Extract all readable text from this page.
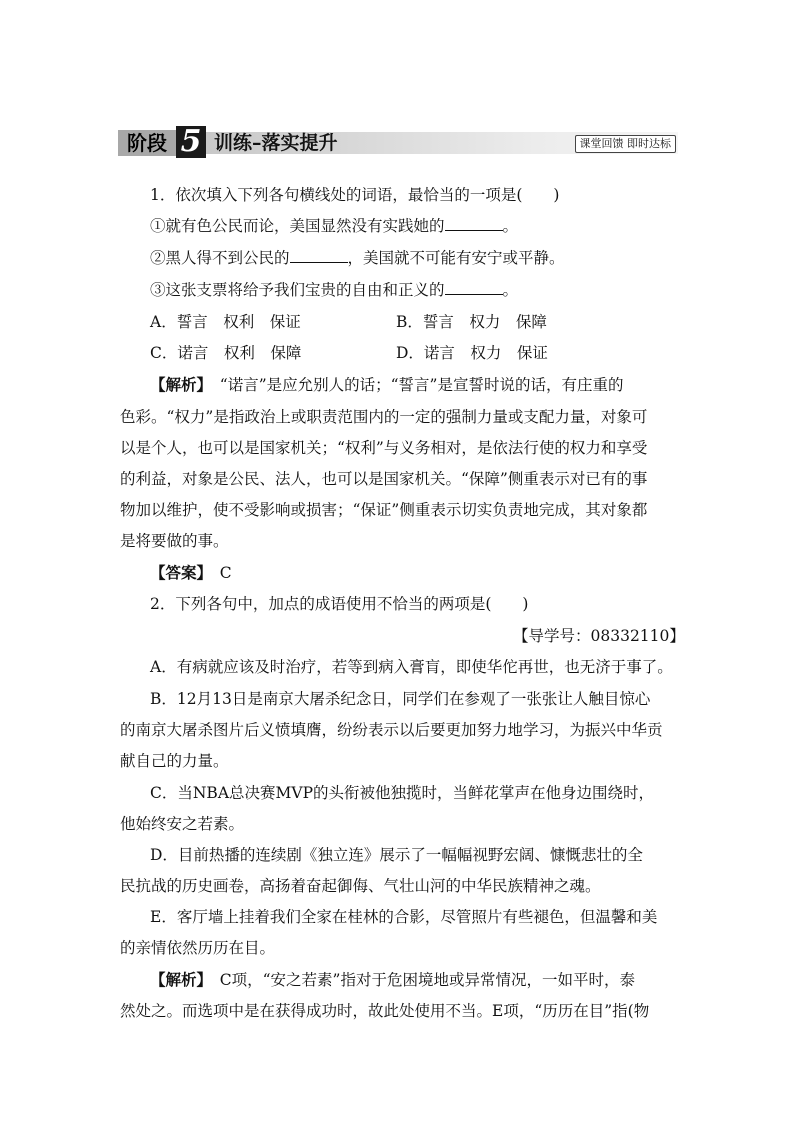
阶段 5 训练–落实提升	课堂回馈 即时达标
1．依次填入下列各句横线处的词语，最恰当的一项是(　　)
①就有色公民而论，美国显然没有实践她的	。
②黑人得不到公民的	，美国就不可能有安宁或平静。
③这张支票将给予我们宝贵的自由和正义的	。
A．誓言　权利　保证	B．誓言　权力　保障
C．诺言　权利　保障	D．诺言　权力　保证
【解析】　“诺言”是应允别人的话；“誓言”是宣誓时说的话，有庄重的
色彩。“权力”是指政治上或职责范围内的一定的强制力量或支配力量，对象可
以是个人，也可以是国家机关；“权利”与义务相对，是依法行使的权力和享受
的利益，对象是公民、法人，也可以是国家机关。“保障”侧重表示对已有的事
物加以维护，使不受影响或损害；“保证”侧重表示切实负责地完成，其对象都
是将要做的事。
【答案】　C
2．下列各句中，加点的成语使用不恰当的两项是(　　)
【导学号：08332110】
A．有病就应该及时治疗，若等到病入膏肓，即使华佗再世，也无济于事了。
B．12月13日是南京大屠杀纪念日，同学们在参观了一张张让人触目惊心
的南京大屠杀图片后义愤填膺，纷纷表示以后要更加努力地学习，为振兴中华贡
献自己的力量。
C．当NBA总决赛MVP的头衔被他独揽时，当鲜花掌声在他身边围绕时，
他始终安之若素。
D．目前热播的连续剧《独立连》展示了一幅幅视野宏阔、慷慨悲壮的全
民抗战的历史画卷，高扬着奋起御侮、气壮山河的中华民族精神之魂。
E．客厅墙上挂着我们全家在桂林的合影，尽管照片有些褪色，但温馨和美
的亲情依然历历在目。
【解析】　C项，“安之若素”指对于危困境地或异常情况，一如平时，泰
然处之。而选项中是在获得成功时，故此处使用不当。E项，“历历在目”指(物
